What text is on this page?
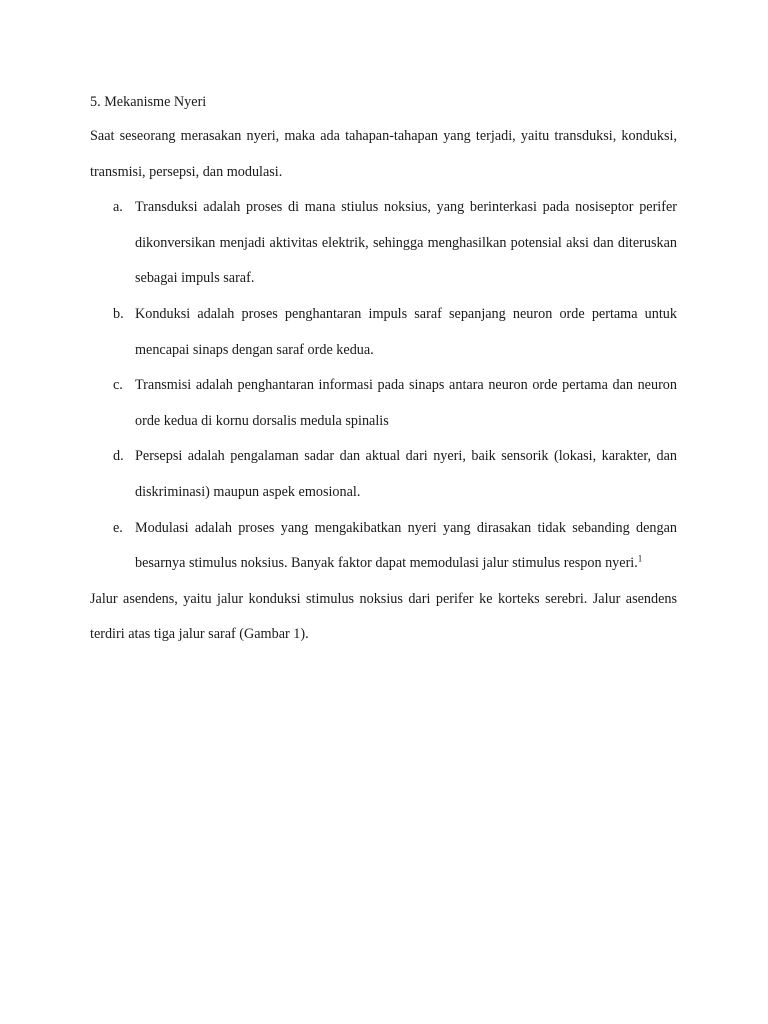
5. Mekanisme Nyeri

Saat seseorang merasakan nyeri, maka ada tahapan-tahapan yang terjadi, yaitu transduksi, konduksi, transmisi, persepsi, dan modulasi.

a. Transduksi adalah proses di mana stiulus noksius, yang berinterkasi pada nosiseptor perifer dikonversikan menjadi aktivitas elektrik, sehingga menghasilkan potensial aksi dan diteruskan sebagai impuls saraf.
b. Konduksi adalah proses penghantaran impuls saraf sepanjang neuron orde pertama untuk mencapai sinaps dengan saraf orde kedua.
c. Transmisi adalah penghantaran informasi pada sinaps antara neuron orde pertama dan neuron orde kedua di kornu dorsalis medula spinalis
d. Persepsi adalah pengalaman sadar dan aktual dari nyeri, baik sensorik (lokasi, karakter, dan diskriminasi) maupun aspek emosional.
e. Modulasi adalah proses yang mengakibatkan nyeri yang dirasakan tidak sebanding dengan besarnya stimulus noksius. Banyak faktor dapat memodulasi jalur stimulus respon nyeri.$^1$

Jalur asendens, yaitu jalur konduksi stimulus noksius dari perifer ke korteks serebri. Jalur asendens terdiri atas tiga jalur saraf (Gambar 1).
